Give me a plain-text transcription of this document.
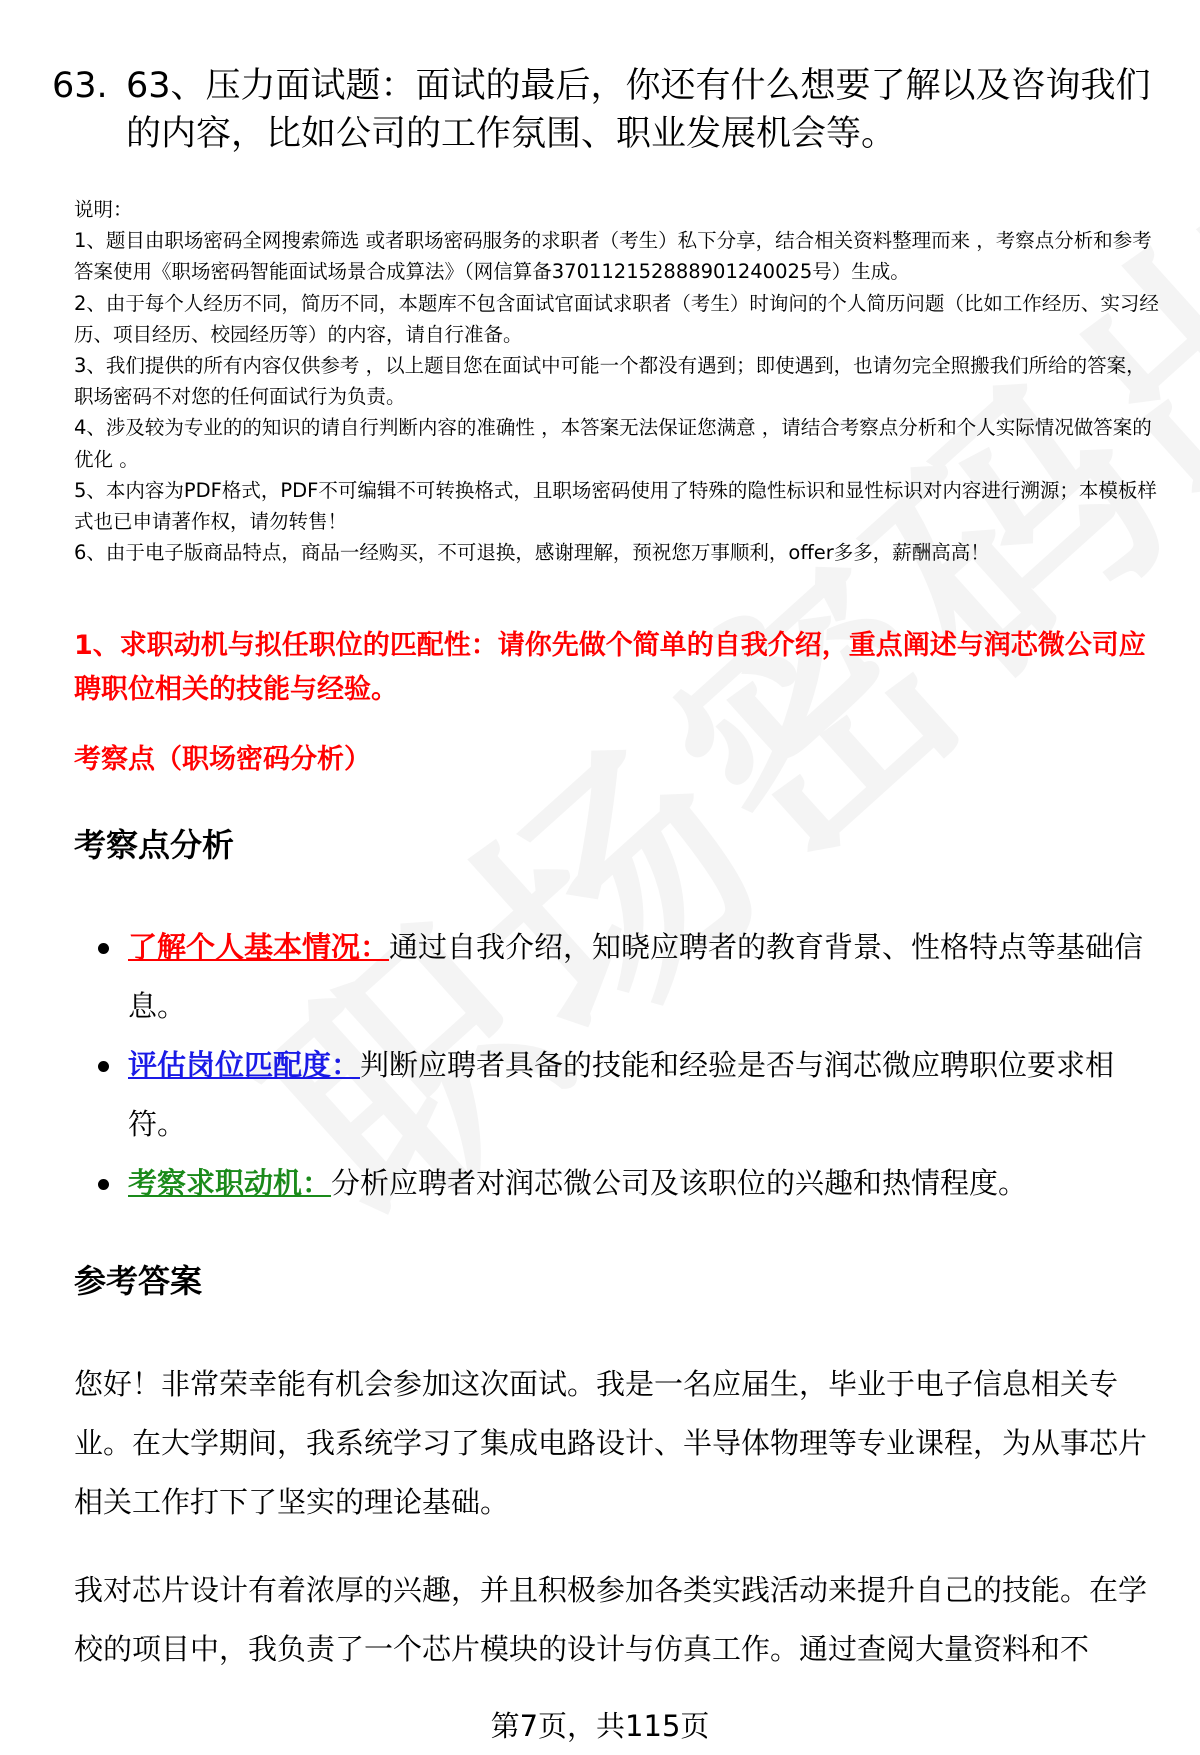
63. 63、压力面试题：面试的最后，你还有什么想要了解以及咨询我们的内容，比如公司的工作氛围、职业发展机会等。

说明：

1、题目由职场密码全网搜索筛选 或者职场密码服务的求职者（考生）私下分享，结合相关资料整理而来 ，考察点分析和参考答案使用《职场密码智能面试场景合成算法》（网信算备370112152888901240025号）生成。

2、由于每个人经历不同，简历不同，本题库不包含面试官面试求职者（考生）时询问的个人简历问题（比如工作经历、实习经历、项目经历、校园经历等）的内容，请自行准备。

3、我们提供的所有内容仅供参考 ，以上题目您在面试中可能一个都没有遇到；即使遇到，也请勿完全照搬我们所给的答案，职场密码不对您的任何面试行为负责。

4、涉及较为专业的的知识的请自行判断内容的准确性 ，本答案无法保证您满意 ，请结合考察点分析和个人实际情况做答案的优化 。

5、本内容为PDF格式，PDF不可编辑不可转换格式，且职场密码使用了特殊的隐性标识和显性标识对内容进行溯源；本模板样式也已申请著作权，请勿转售！

6、由于电子版商品特点，商品一经购买，不可退换，感谢理解，预祝您万事顺利，offer多多，薪酬高高！

1、求职动机与拟任职位的匹配性：请你先做个简单的自我介绍，重点阐述与润芯微公司应聘职位相关的技能与经验。
考察点（职场密码分析）
考察点分析
了解个人基本情况：通过自我介绍，知晓应聘者的教育背景、性格特点等基础信息。
评估岗位匹配度：判断应聘者具备的技能和经验是否与润芯微应聘职位要求相符。
考察求职动机：分析应聘者对润芯微公司及该职位的兴趣和热情程度。
参考答案

您好！非常荣幸能有机会参加这次面试。我是一名应届生，毕业于电子信息相关专业。在大学期间，我系统学习了集成电路设计、半导体物理等专业课程，为从事芯片相关工作打下了坚实的理论基础。

我对芯片设计有着浓厚的兴趣，并且积极参加各类实践活动来提升自己的技能。在学校的项目中，我负责了一个芯片模块的设计与仿真工作。通过查阅大量资料和不

第7页，共115页
